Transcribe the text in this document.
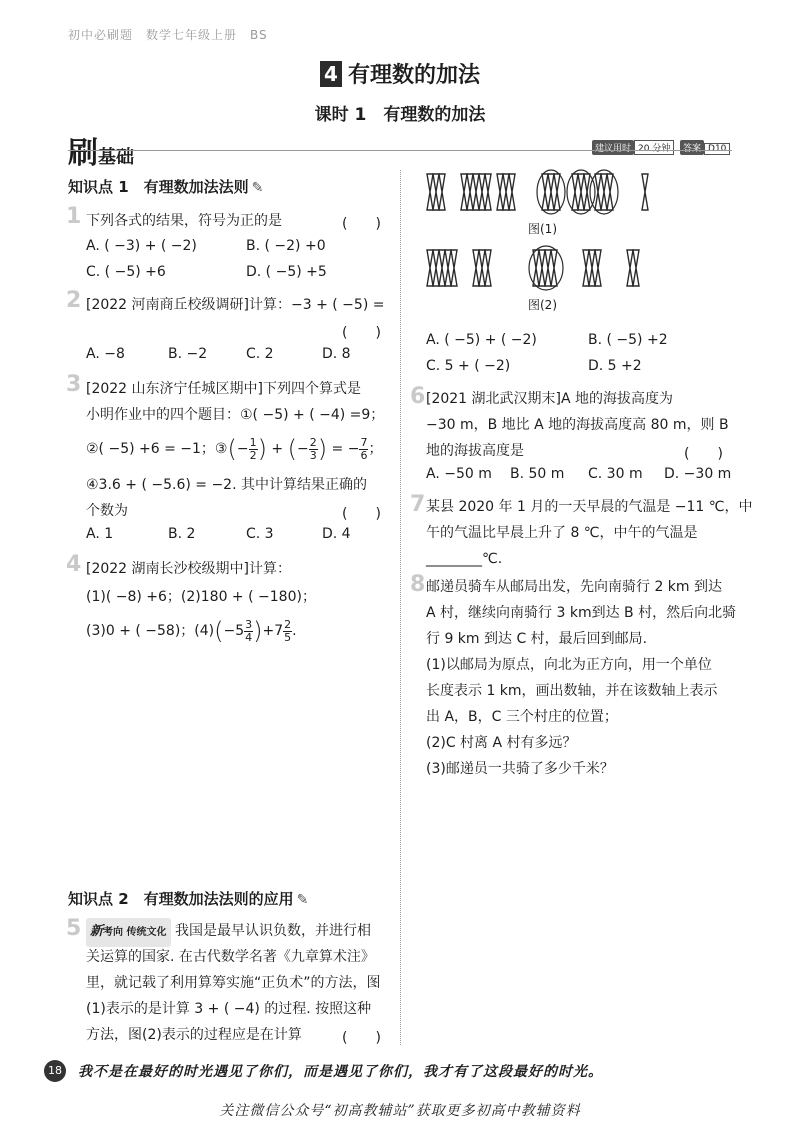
初中必刷题　数学七年级上册　BS
4 有理数的加法
课时 1　有理数的加法
刷基础	建议用时 20 分钟	答案 D10
知识点 1　有理数加法法则 ✎
1 下列各式的结果，符号为正的是	(　　)
A. ( −3) + ( −2)	B. ( −2) +0
C. ( −5) +6	D. ( −5) +5
2 [2022 河南商丘校级调研]计算：−3 + ( −5) =
(　　)
A. −8	B. −2	C. 2	D. 8
3 [2022 山东济宁任城区期中]下列四个算式是
小明作业中的四个题目：①( −5) + ( −4) =9；
②( −5) +6 = −1；③(− $\frac{1}{2}$ ) + (− $\frac{2}{3}$ ) = − $\frac{7}{6}$ ；
④3.6 + ( −5.6) = −2. 其中计算结果正确的
个数为	(　　)
A. 1	B. 2	C. 3	D. 4
4 [2022 湖南长沙校级期中]计算：
(1)( −8) +6；(2)180 + ( −180)；
(3)0 + ( −58)；$(4)(-5 \frac{3}{4} )+7 \frac{2}{5}$ .
知识点 2　有理数加法法则的应用 ✎
5 新考向 传统文化 我国是最早认识负数，并进行相
关运算的国家. 在古代数学名著《九章算术注》
里，就记载了利用算筹实施“正负术”的方法，图
(1)表示的是计算 3 + ( −4) 的过程. 按照这种
方法，图(2)表示的过程应是在计算	(　　)
图(1)
图(2)
A. ( −5) + ( −2)	B. ( −5) +2
C. 5 + ( −2)	D. 5 +2
6 [2021 湖北武汉期末]A 地的海拔高度为
−30 m，B 地比 A 地的海拔高度高 80 m，则 B
地的海拔高度是	(　　)
A. −50 m B. 50 m C. 30 m D. −30 m
7 某县 2020 年 1 月的一天早晨的气温是 −11 ℃，中
午的气温比早晨上升了 8 ℃，中午的气温是
________℃.
8 邮递员骑车从邮局出发，先向南骑行 2 km 到达
A 村，继续向南骑行 3 km到达 B 村，然后向北骑
行 9 km 到达 C 村，最后回到邮局.
(1)以邮局为原点，向北为正方向，用一个单位
长度表示 1 km，画出数轴，并在该数轴上表示
出 A，B，C 三个村庄的位置；
(2)C 村离 A 村有多远？
(3)邮递员一共骑了多少千米？
18 我不是在最好的时光遇见了你们，而是遇见了你们，我才有了这段最好的时光。
关注微信公众号“初高教辅站”获取更多初高中教辅资料
